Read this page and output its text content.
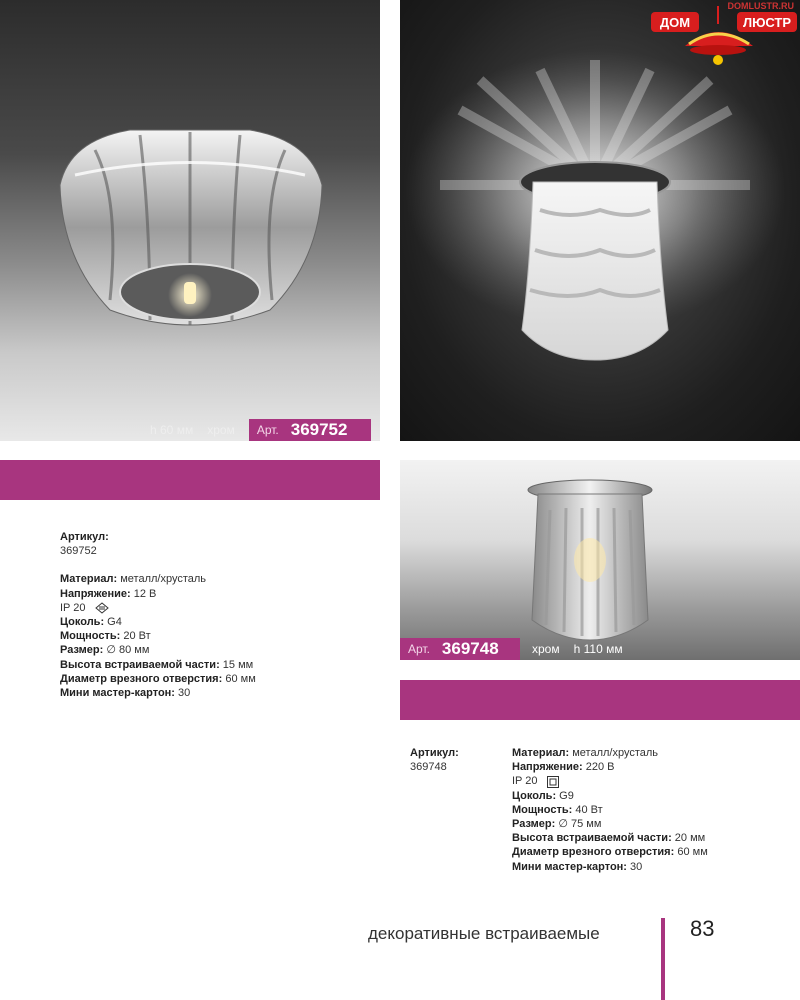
h 60 мм хром Арт. 369752
DOMLUSTR.RU
ДОМ	ЛЮСТР
Арт. 369748	хром h 110 мм
Артикул:
369752
Материал: металл/хрусталь
Напряжение: 12 В
IP 20
Цоколь: G4
Мощность: 20 Вт
Размер: ∅ 80 мм
Высота встраиваемой части: 15 мм
Диаметр врезного отверстия: 60 мм
Мини мастер-картон: 30
Артикул:
369748
Материал: металл/хрусталь
Напряжение: 220 В
IP 20
Цоколь: G9
Мощность: 40 Вт
Размер: ∅ 75 мм
Высота встраиваемой части: 20 мм
Диаметр врезного отверстия: 60 мм
Мини мастер-картон: 30
декоративные встраиваемые	83
